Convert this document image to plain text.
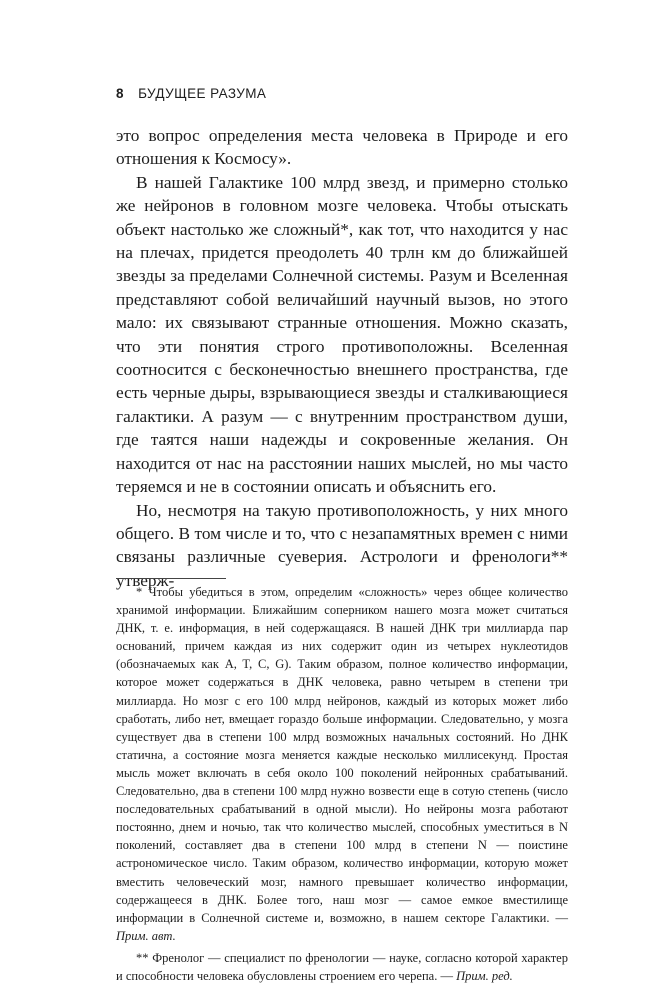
8 БУДУЩЕЕ РАЗУМА

это вопрос определения места человека в Природе и его отношения к Космосу».

В нашей Галактике 100 млрд звезд, и примерно столько же нейронов в головном мозге человека. Чтобы отыскать объект настолько же сложный*, как тот, что находится у нас на плечах, придется преодолеть 40 трлн км до ближайшей звезды за пределами Солнечной системы. Разум и Вселенная представляют собой величайший научный вызов, но этого мало: их связывают странные отношения. Можно сказать, что эти понятия строго противоположны. Вселенная соотносится с бесконечностью внешнего пространства, где есть черные дыры, взрывающиеся звезды и сталкивающиеся галактики. А разум — с внутренним пространством души, где таятся наши надежды и сокровенные желания. Он находится от нас на расстоянии наших мыслей, но мы часто теряемся и не в состоянии описать и объяснить его.

Но, несмотря на такую противоположность, у них много общего. В том числе и то, что с незапамятных времен с ними связаны различные суеверия. Астрологи и френологи** утверж-

* Чтобы убедиться в этом, определим «сложность» через общее количество хранимой информации. Ближайшим соперником нашего мозга может считаться ДНК, т. е. информация, в ней содержащаяся. В нашей ДНК три миллиарда пар оснований, причем каждая из них содержит один из четырех нуклеотидов (обозначаемых как A, T, C, G). Таким образом, полное количество информации, которое может содержаться в ДНК человека, равно четырем в степени три миллиарда. Но мозг с его 100 млрд нейронов, каждый из которых может либо сработать, либо нет, вмещает гораздо больше информации. Следовательно, у мозга существует два в степени 100 млрд возможных начальных состояний. Но ДНК статична, а состояние мозга меняется каждые несколько миллисекунд. Простая мысль может включать в себя около 100 поколений нейронных срабатываний. Следовательно, два в степени 100 млрд нужно возвести еще в сотую степень (число последовательных срабатываний в одной мысли). Но нейроны мозга работают постоянно, днем и ночью, так что количество мыслей, способных уместиться в N поколений, составляет два в степени 100 млрд в степени N — поистине астрономическое число. Таким образом, количество информации, которую может вместить человеческий мозг, намного превышает количество информации, содержащееся в ДНК. Более того, наш мозг — самое емкое вместилище информации в Солнечной системе и, возможно, в нашем секторе Галактики. — Прим. авт.

** Френолог — специалист по френологии — науке, согласно которой характер и способности человека обусловлены строением его черепа. — Прим. ред.
